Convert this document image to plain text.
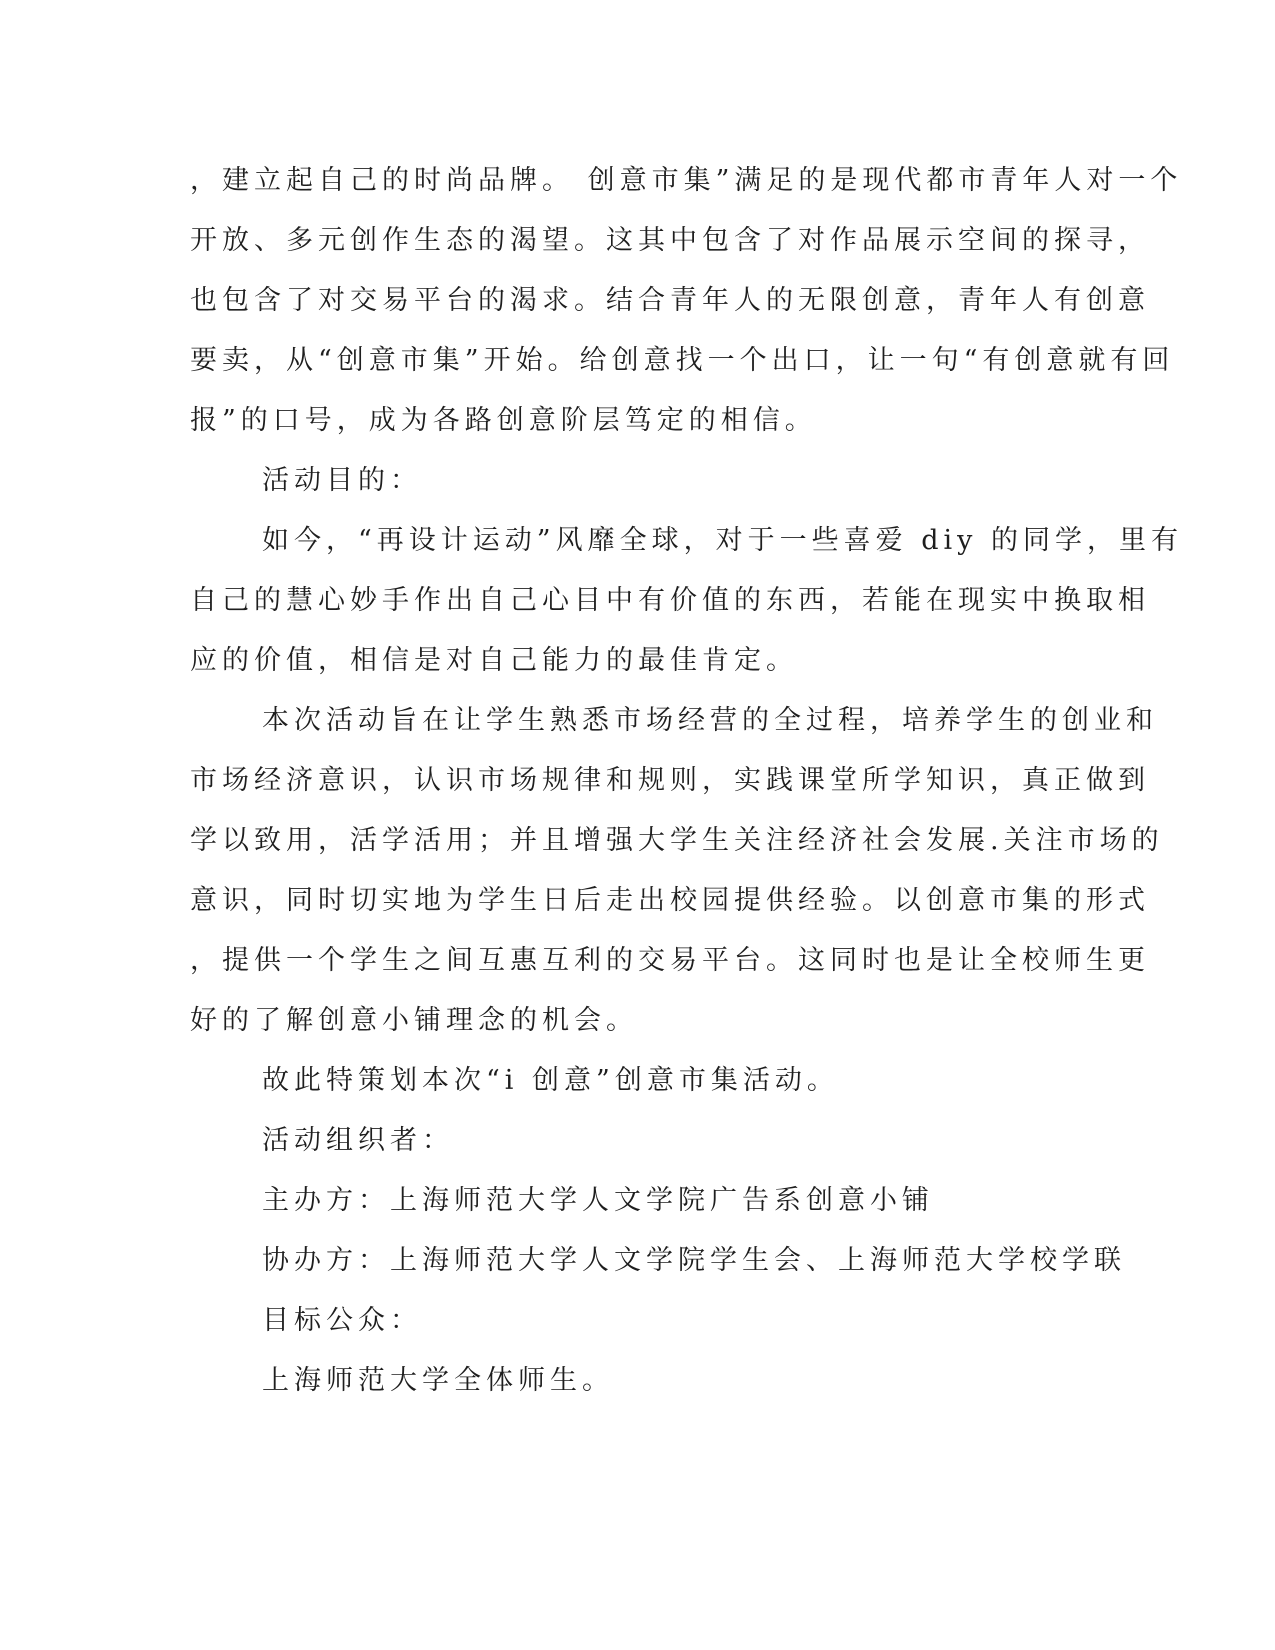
，建立起自己的时尚品牌。 创意市集”满足的是现代都市青年人对一个
开放、多元创作生态的渴望。这其中包含了对作品展示空间的探寻，
也包含了对交易平台的渴求。结合青年人的无限创意，青年人有创意
要卖，从“创意市集”开始。给创意找一个出口，让一句“有创意就有回
报”的口号，成为各路创意阶层笃定的相信。
活动目的：
如今，“再设计运动”风靡全球，对于一些喜爱 diy 的同学，里有
自己的慧心妙手作出自己心目中有价值的东西，若能在现实中换取相
应的价值，相信是对自己能力的最佳肯定。
本次活动旨在让学生熟悉市场经营的全过程，培养学生的创业和
市场经济意识，认识市场规律和规则，实践课堂所学知识，真正做到
学以致用，活学活用；并且增强大学生关注经济社会发展.关注市场的
意识，同时切实地为学生日后走出校园提供经验。以创意市集的形式
，提供一个学生之间互惠互利的交易平台。这同时也是让全校师生更
好的了解创意小铺理念的机会。
故此特策划本次“i 创意”创意市集活动。
活动组织者：
主办方：上海师范大学人文学院广告系创意小铺
协办方：上海师范大学人文学院学生会、上海师范大学校学联
目标公众：
上海师范大学全体师生。
